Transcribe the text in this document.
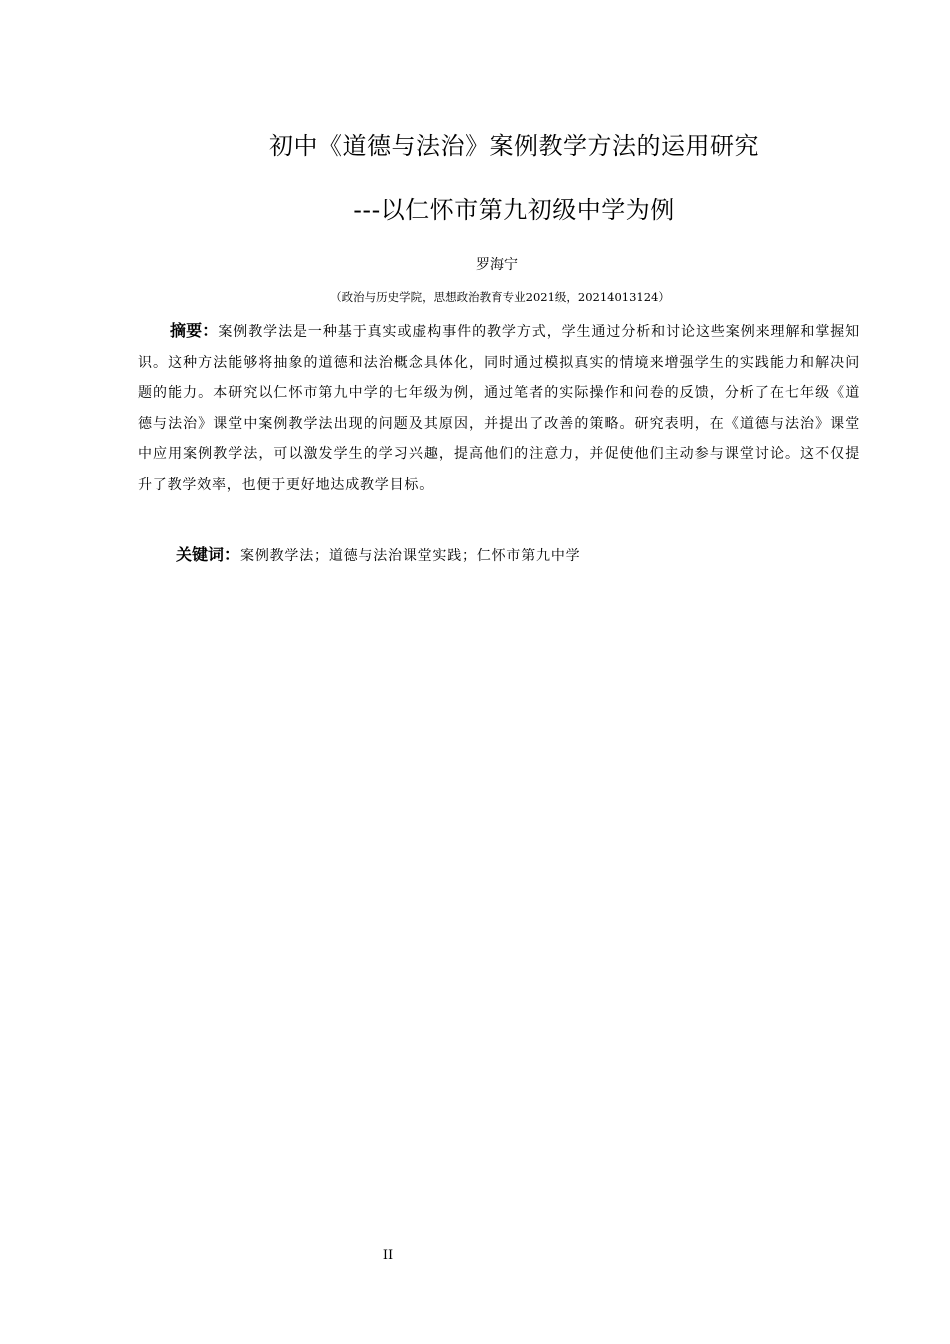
初中《道德与法治》案例教学方法的运用研究
---以仁怀市第九初级中学为例
罗海宁
（政治与历史学院，思想政治教育专业2021级，20214013124）

摘要：案例教学法是一种基于真实或虚构事件的教学方式，学生通过分析和讨论这些案例来理解和掌握知识。这种方法能够将抽象的道德和法治概念具体化，同时通过模拟真实的情境来增强学生的实践能力和解决问题的能力。本研究以仁怀市第九中学的七年级为例，通过笔者的实际操作和问卷的反馈，分析了在七年级《道德与法治》课堂中案例教学法出现的问题及其原因，并提出了改善的策略。研究表明，在《道德与法治》课堂中应用案例教学法，可以激发学生的学习兴趣，提高他们的注意力，并促使他们主动参与课堂讨论。这不仅提升了教学效率，也便于更好地达成教学目标。

关键词：案例教学法；道德与法治课堂实践；仁怀市第九中学

II
